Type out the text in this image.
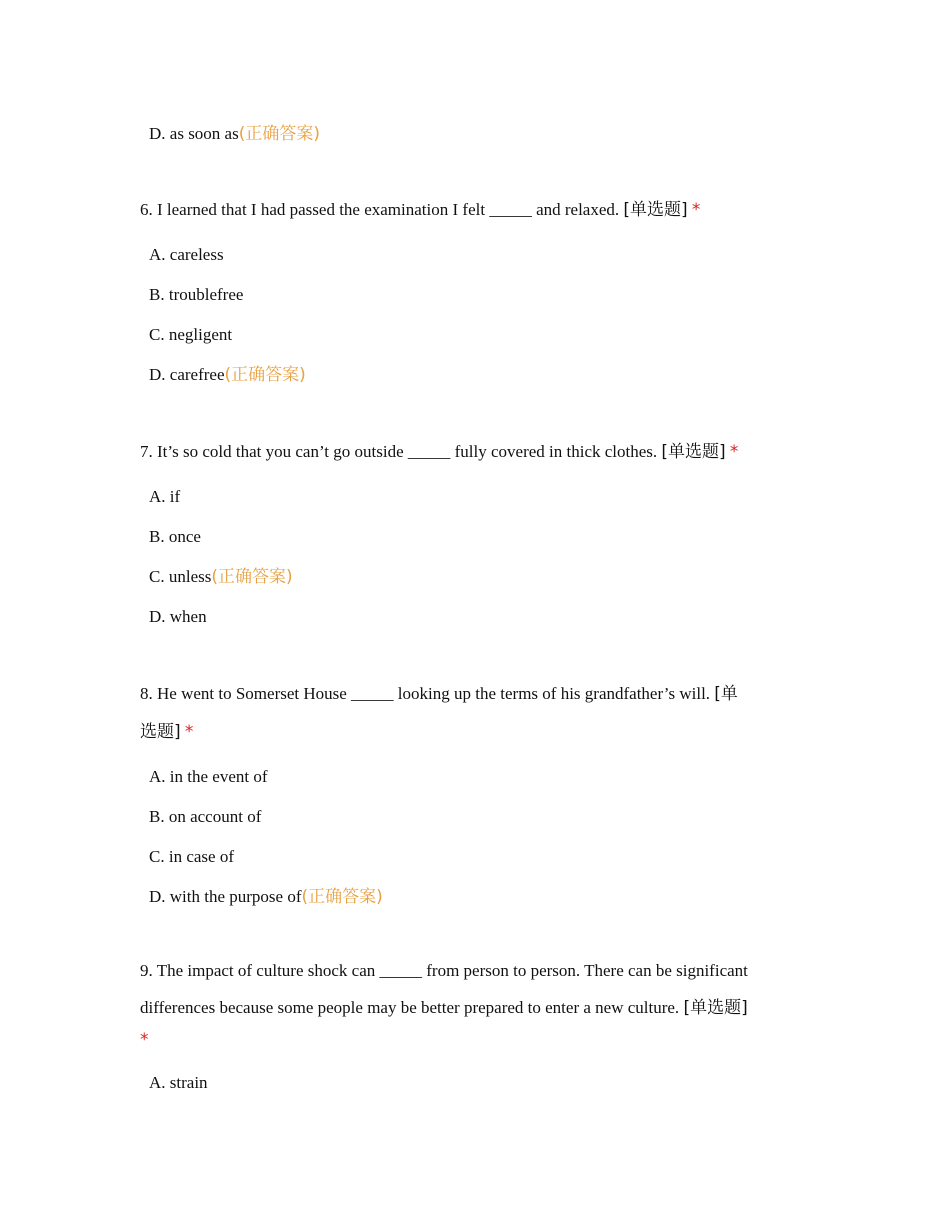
D. as soon as(正确答案)
6. I learned that I had passed the examination I felt _____ and relaxed. [单选题] *
A. careless
B. troublefree
C. negligent
D. carefree(正确答案)
7. It’s so cold that you can’t go outside _____ fully covered in thick clothes. [单选题] *
A. if
B. once
C. unless(正确答案)
D. when
8. He went to Somerset House _____ looking up the terms of his grandfather’s will. [单
选题] *
A. in the event of
B. on account of
C. in case of
D. with the purpose of(正确答案)
9. The impact of culture shock can _____ from person to person. There can be significant
differences because some people may be better prepared to enter a new culture. [单选题]
*
A. strain
